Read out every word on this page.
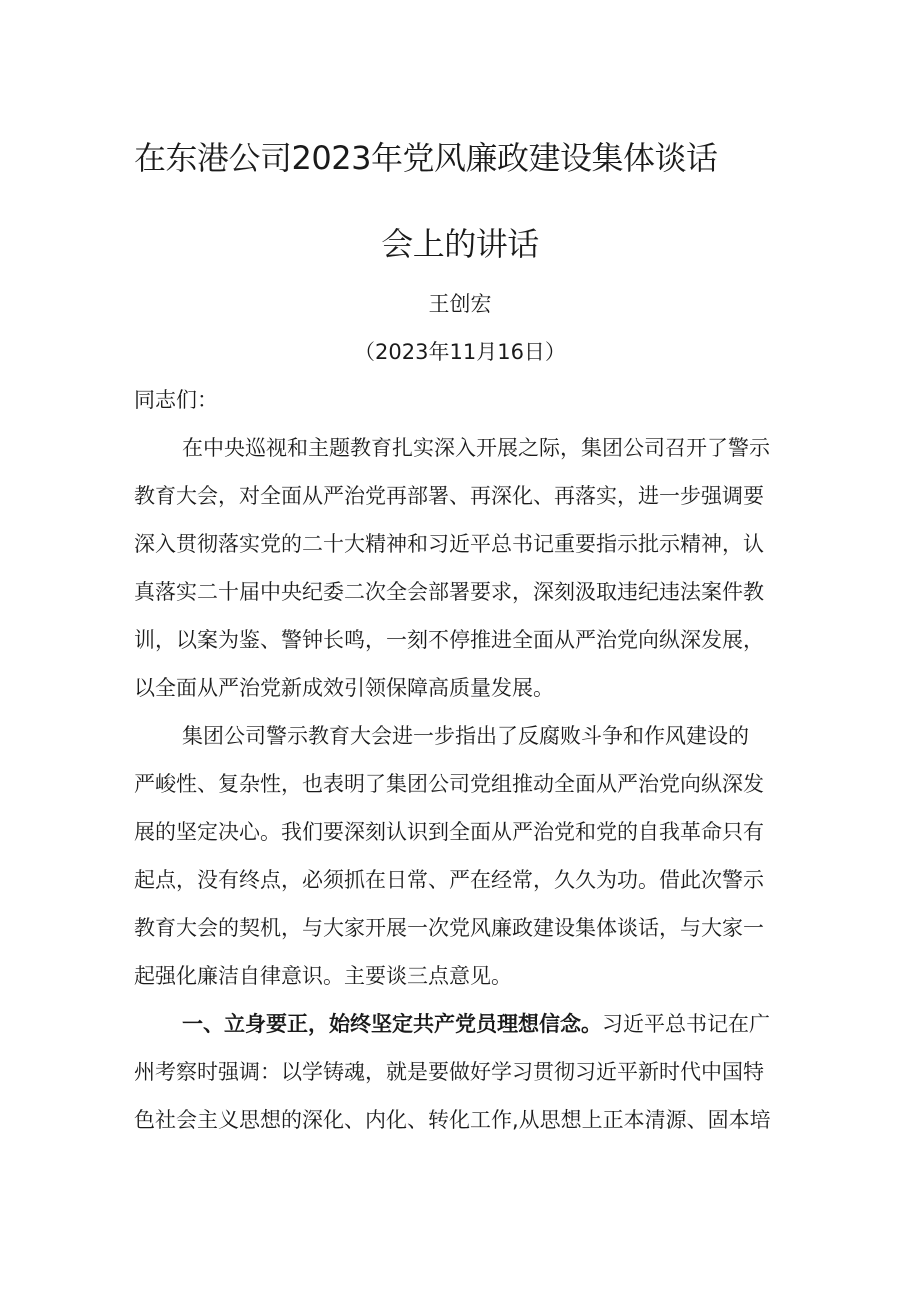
在东港公司2023年党风廉政建设集体谈话
会上的讲话
王创宏
（2023年11月16日）
同志们：
在中央巡视和主题教育扎实深入开展之际，集团公司召开了警示
教育大会，对全面从严治党再部署、再深化、再落实，进一步强调要
深入贯彻落实党的二十大精神和习近平总书记重要指示批示精神，认
真落实二十届中央纪委二次全会部署要求，深刻汲取违纪违法案件教
训，以案为鉴、警钟长鸣，一刻不停推进全面从严治党向纵深发展，
以全面从严治党新成效引领保障高质量发展。
集团公司警示教育大会进一步指出了反腐败斗争和作风建设的
严峻性、复杂性，也表明了集团公司党组推动全面从严治党向纵深发
展的坚定决心。我们要深刻认识到全面从严治党和党的自我革命只有
起点，没有终点，必须抓在日常、严在经常，久久为功。借此次警示
教育大会的契机，与大家开展一次党风廉政建设集体谈话，与大家一
起强化廉洁自律意识。主要谈三点意见。
一、立身要正，始终坚定共产党员理想信念。习近平总书记在广
州考察时强调：以学铸魂，就是要做好学习贯彻习近平新时代中国特
色社会主义思想的深化、内化、转化工作,从思想上正本清源、固本培
